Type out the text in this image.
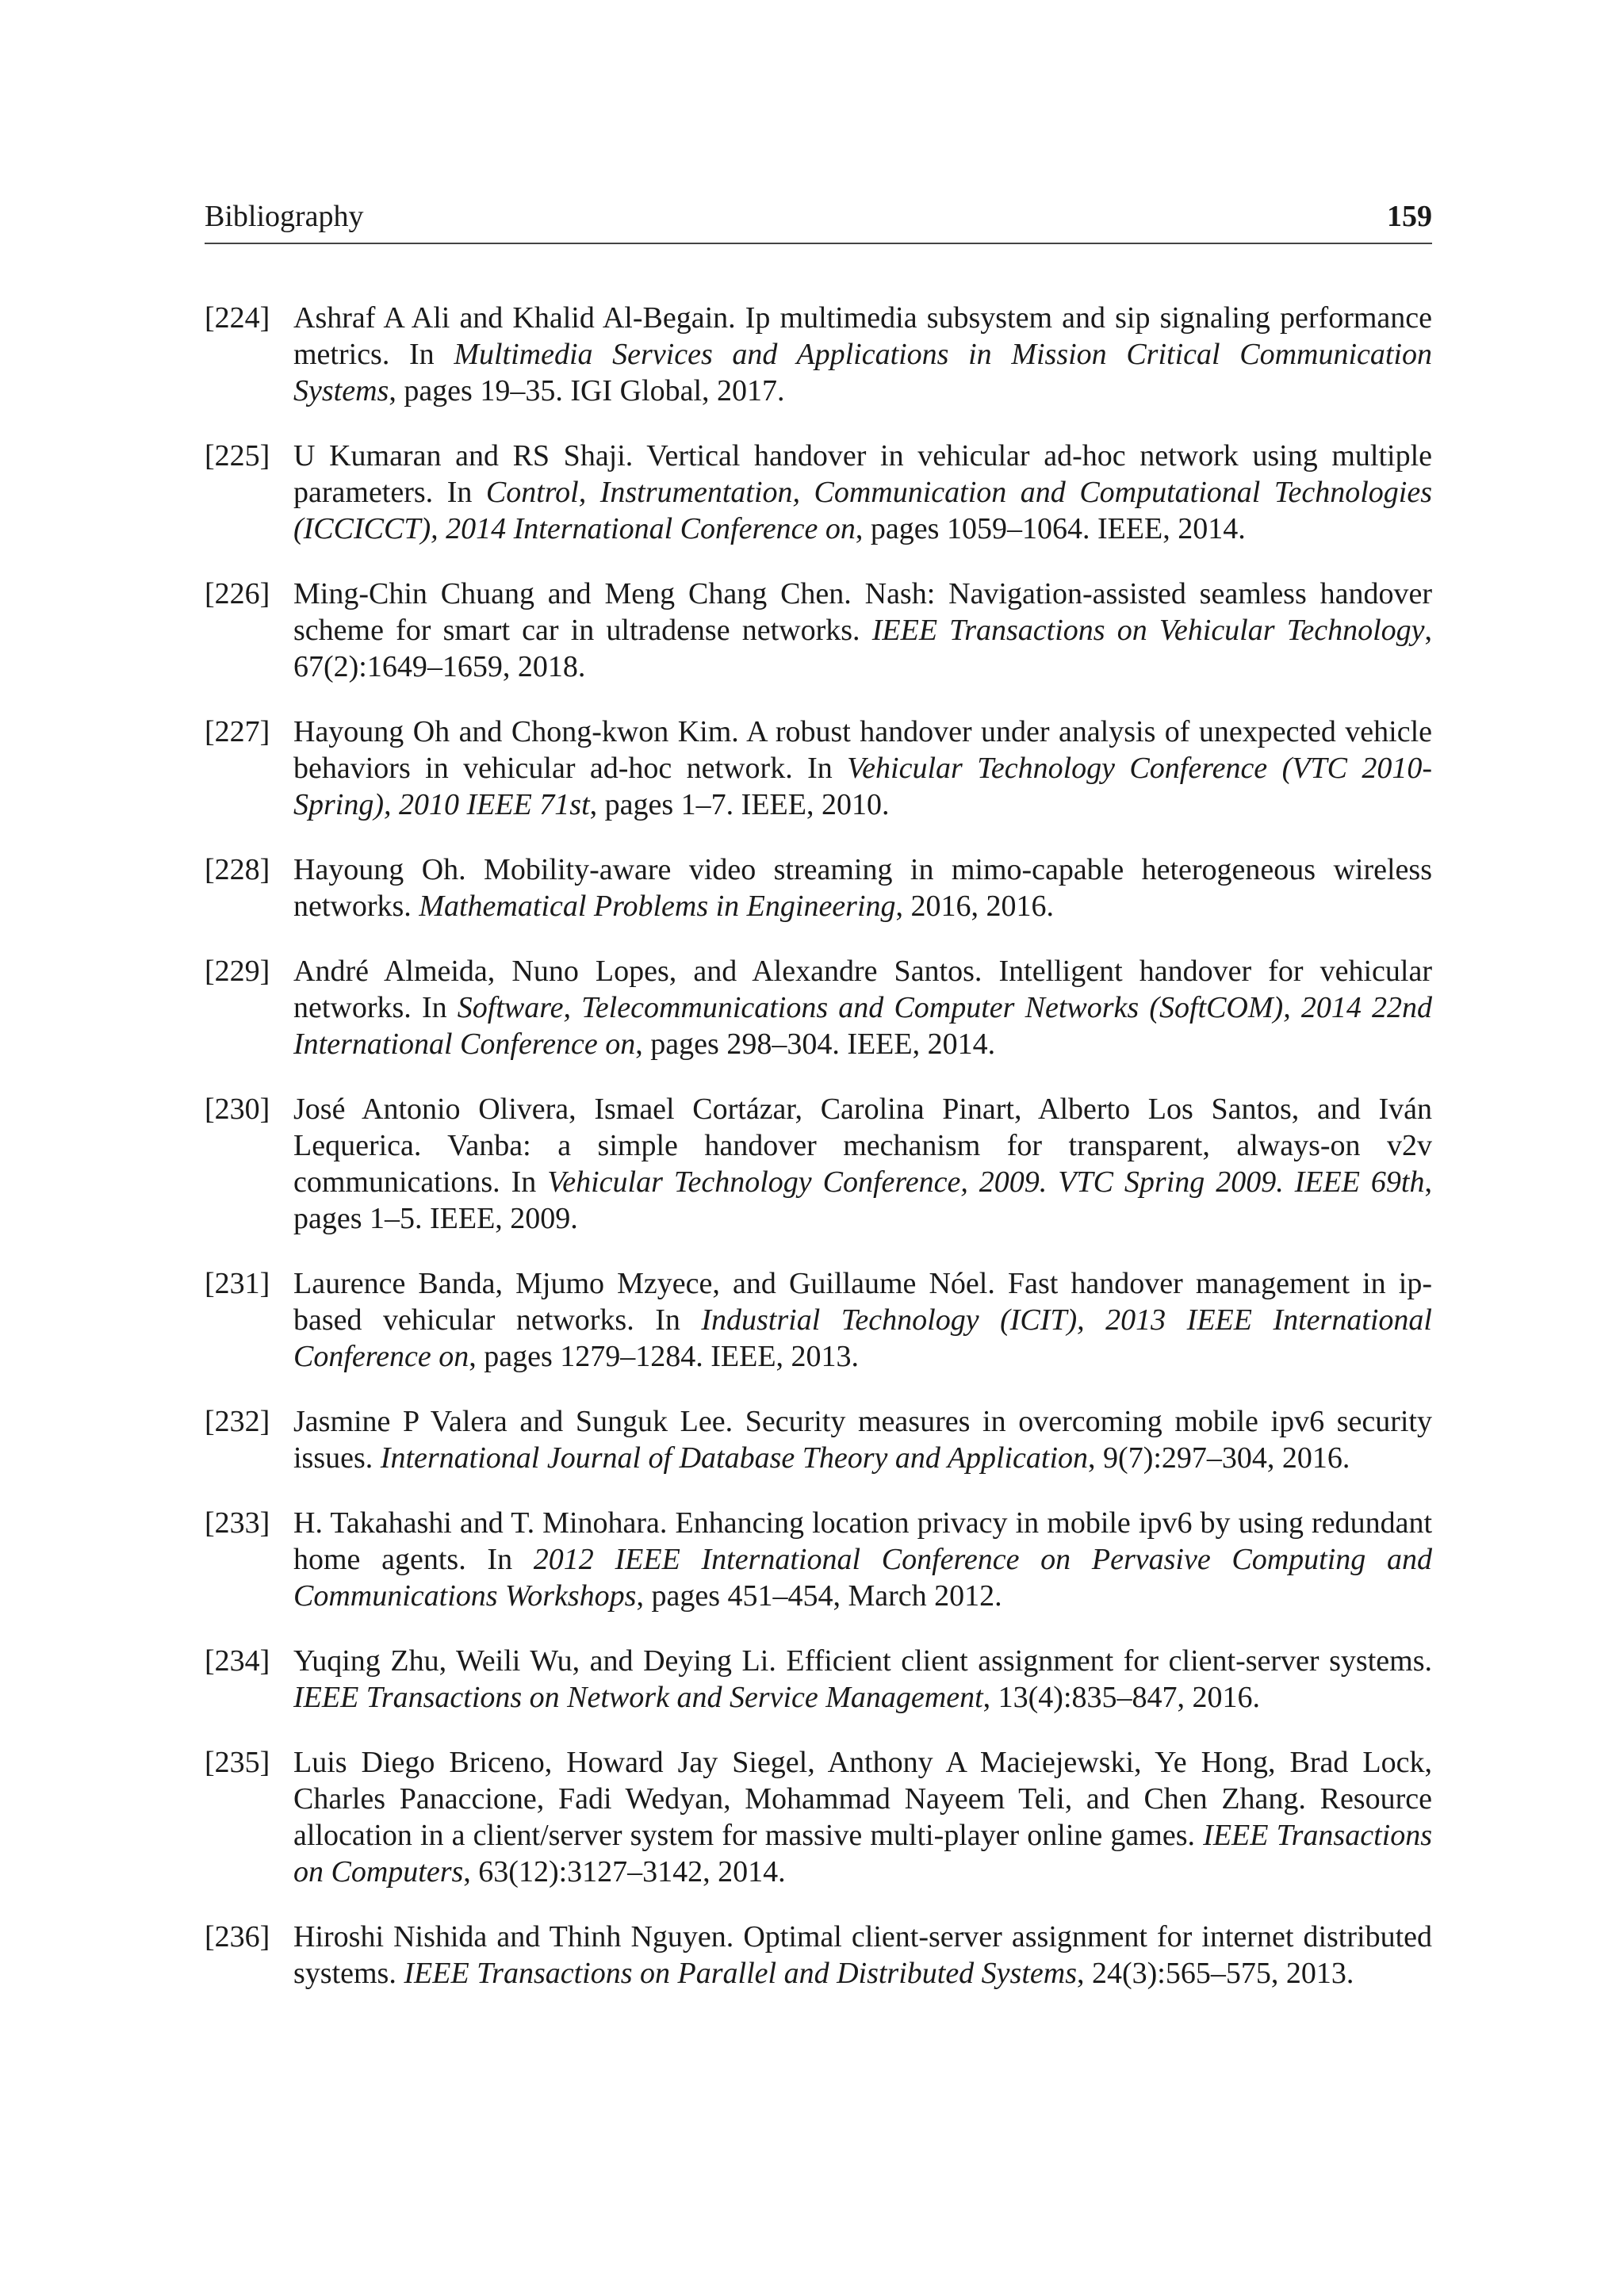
Bibliography	159
[224] Ashraf A Ali and Khalid Al-Begain. Ip multimedia subsystem and sip signaling performance metrics. In Multimedia Services and Applications in Mission Critical Communication Systems, pages 19–35. IGI Global, 2017.
[225] U Kumaran and RS Shaji. Vertical handover in vehicular ad-hoc network using multiple parameters. In Control, Instrumentation, Communication and Computational Technologies (ICCICCT), 2014 International Conference on, pages 1059–1064. IEEE, 2014.
[226] Ming-Chin Chuang and Meng Chang Chen. Nash: Navigation-assisted seamless handover scheme for smart car in ultradense networks. IEEE Transactions on Vehicular Technology, 67(2):1649–1659, 2018.
[227] Hayoung Oh and Chong-kwon Kim. A robust handover under analysis of unexpected vehicle behaviors in vehicular ad-hoc network. In Vehicular Technology Conference (VTC 2010-Spring), 2010 IEEE 71st, pages 1–7. IEEE, 2010.
[228] Hayoung Oh. Mobility-aware video streaming in mimo-capable heterogeneous wireless networks. Mathematical Problems in Engineering, 2016, 2016.
[229] André Almeida, Nuno Lopes, and Alexandre Santos. Intelligent handover for vehicular networks. In Software, Telecommunications and Computer Networks (SoftCOM), 2014 22nd International Conference on, pages 298–304. IEEE, 2014.
[230] José Antonio Olivera, Ismael Cortázar, Carolina Pinart, Alberto Los Santos, and Iván Lequerica. Vanba: a simple handover mechanism for transparent, always-on v2v communications. In Vehicular Technology Conference, 2009. VTC Spring 2009. IEEE 69th, pages 1–5. IEEE, 2009.
[231] Laurence Banda, Mjumo Mzyece, and Guillaume Nóel. Fast handover management in ip-based vehicular networks. In Industrial Technology (ICIT), 2013 IEEE International Conference on, pages 1279–1284. IEEE, 2013.
[232] Jasmine P Valera and Sunguk Lee. Security measures in overcoming mobile ipv6 security issues. International Journal of Database Theory and Application, 9(7):297–304, 2016.
[233] H. Takahashi and T. Minohara. Enhancing location privacy in mobile ipv6 by using redundant home agents. In 2012 IEEE International Conference on Pervasive Computing and Communications Workshops, pages 451–454, March 2012.
[234] Yuqing Zhu, Weili Wu, and Deying Li. Efficient client assignment for client-server systems. IEEE Transactions on Network and Service Management, 13(4):835–847, 2016.
[235] Luis Diego Briceno, Howard Jay Siegel, Anthony A Maciejewski, Ye Hong, Brad Lock, Charles Panaccione, Fadi Wedyan, Mohammad Nayeem Teli, and Chen Zhang. Resource allocation in a client/server system for massive multi-player online games. IEEE Transactions on Computers, 63(12):3127–3142, 2014.
[236] Hiroshi Nishida and Thinh Nguyen. Optimal client-server assignment for internet distributed systems. IEEE Transactions on Parallel and Distributed Systems, 24(3):565–575, 2013.
